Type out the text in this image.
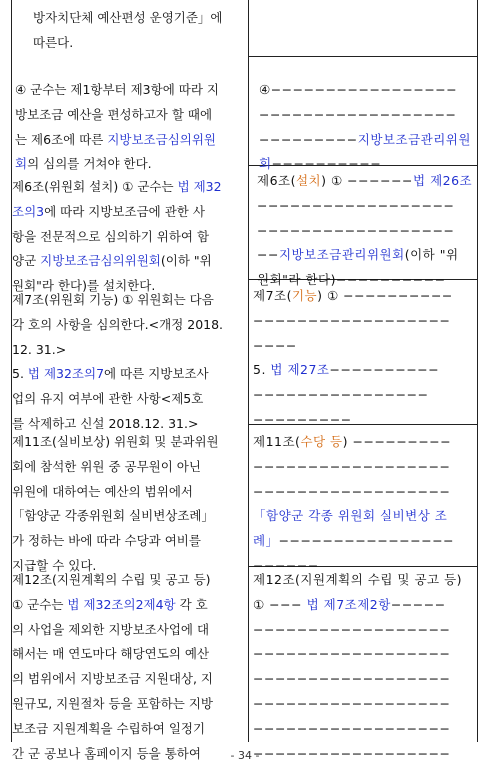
방자치단체 예산편성 운영기준」에
따른다.
④ 군수는 제1항부터 제3항에 따라 지
방보조금 예산을 편성하고자 할 때에
는 제6조에 따른 지방보조금심의위원
회의 심의를 거쳐야 한다.
④−−−−−−−−−−−−−−−−−
−−−−−−−−−−−−−−−−−−
−−−−−−−−−지방보조금관리위원
회−−−−−−−−−−
제6조(위원회 설치) ① 군수는 법 제32
조의3에 따라 지방보조금에 관한 사
항을 전문적으로 심의하기 위하여 함
양군 지방보조금심의위원회(이하 "위
원회"라 한다)를 설치한다.
제6조(설치) ① −−−−−−법 제26조
−−−−−−−−−−−−−−−−−−
−−−−−−−−−−−−−−−−−−
−−지방보조금관리위원회(이하 "위
원회"라 한다)−−−−−−−−−−
제7조(위원회 기능) ① 위원회는 다음
각 호의 사항을 심의한다.<개정 2018.
12. 31.>
5. 법 제32조의7에 따른 지방보조사
업의 유지 여부에 관한 사항<제5호
를 삭제하고 신설 2018.12. 31.>
제7조(기능) ① −−−−−−−−−−
−−−−−−−−−−−−−−−−−−
−−−−
5. 법 제27조−−−−−−−−−−
−−−−−−−−−−−−−−−−
−−−−−−−−−
제11조(실비보상) 위원회 및 분과위원
회에 참석한 위원 중 공무원이 아닌
위원에 대하여는 예산의 범위에서
「함양군 각종위원회 실비변상조례」
가 정하는 바에 따라 수당과 여비를
지급할 수 있다.
제11조(수당 등) −−−−−−−−−
−−−−−−−−−−−−−−−−−−
−−−−−−−−−−−−−−−−−−
「함양군 각종 위원회 실비변상 조
례」−−−−−−−−−−−−−−−−
−−−−−−
제12조(지원계획의 수립 및 공고 등)
① 군수는 법 제32조의2제4항 각 호
의 사업을 제외한 지방보조사업에 대
해서는 매 연도마다 해당연도의 예산
의 범위에서 지방보조금 지원대상, 지
원규모, 지원절차 등을 포함하는 지방
보조금 지원계획을 수립하여 일정기
간 군 공보나 홈페이지 등을 통하여
제12조(지원계획의 수립 및 공고 등)
① −−− 법 제7조제2항−−−−−
−−−−−−−−−−−−−−−−−−
−−−−−−−−−−−−−−−−−−
−−−−−−−−−−−−−−−−−−
−−−−−−−−−−−−−−−−−−
−−−−−−−−−−−−−−−−−−
−−−−−−−−−−−−−−−−−−
- 34 -
